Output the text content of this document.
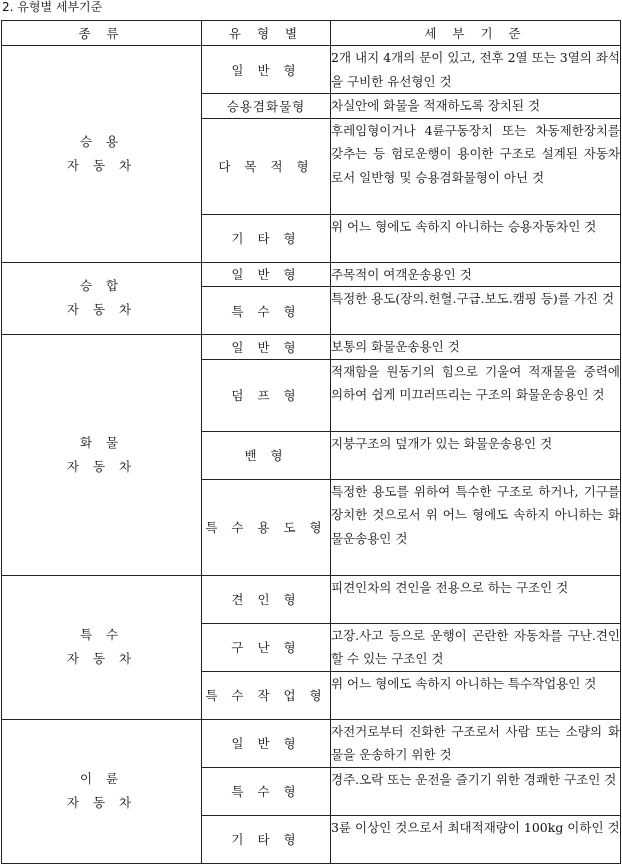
2. 유형별 세부기준
종 류	유 형 별	세 부 기 준

승 용
자 동 차	일 반 형	2개 내지 4개의 문이 있고, 전후 2열 또는 3열의 좌석을 구비한 유선형인 것
	승용겸화물형	차실안에 화물을 적재하도록 장치된 것
	다 목 적 형	후레임형이거나 4륜구동장치 또는 차동제한장치를 갖추는 등 험로운행이 용이한 구조로 설계된 자동차로서 일반형 및 승용겸화물형이 아닌 것
	기 타 형	위 어느 형에도 속하지 아니하는 승용자동차인 것

승 합
자 동 차	일 반 형	주목적이 여객운송용인 것
	특 수 형	특정한 용도(장의.헌혈.구급.보도.캠핑 등)를 가진 것

화 물
자 동 차	일 반 형	보통의 화물운송용인 것
	덤 프 형	적재함을 원동기의 힘으로 기울여 적재물을 중력에 의하여 쉽게 미끄러뜨리는 구조의 화물운송용인 것
	밴 형	지붕구조의 덮개가 있는 화물운송용인 것
	특 수 용 도 형	특정한 용도를 위하여 특수한 구조로 하거나, 기구를 장치한 것으로서 위 어느 형에도 속하지 아니하는 화물운송용인 것

특 수
자 동 차	견 인 형	피견인차의 견인을 전용으로 하는 구조인 것
	구 난 형	고장.사고 등으로 운행이 곤란한 자동차를 구난.견인 할 수 있는 구조인 것
	특 수 작 업 형	위 어느 형에도 속하지 아니하는 특수작업용인 것

이 륜
자 동 차	일 반 형	자전거로부터 진화한 구조로서 사람 또는 소량의 화물을 운송하기 위한 것
	특 수 형	경주.오락 또는 운전을 즐기기 위한 경쾌한 구조인 것
	기 타 형	3륜 이상인 것으로서 최대적재량이 100kg 이하인 것
